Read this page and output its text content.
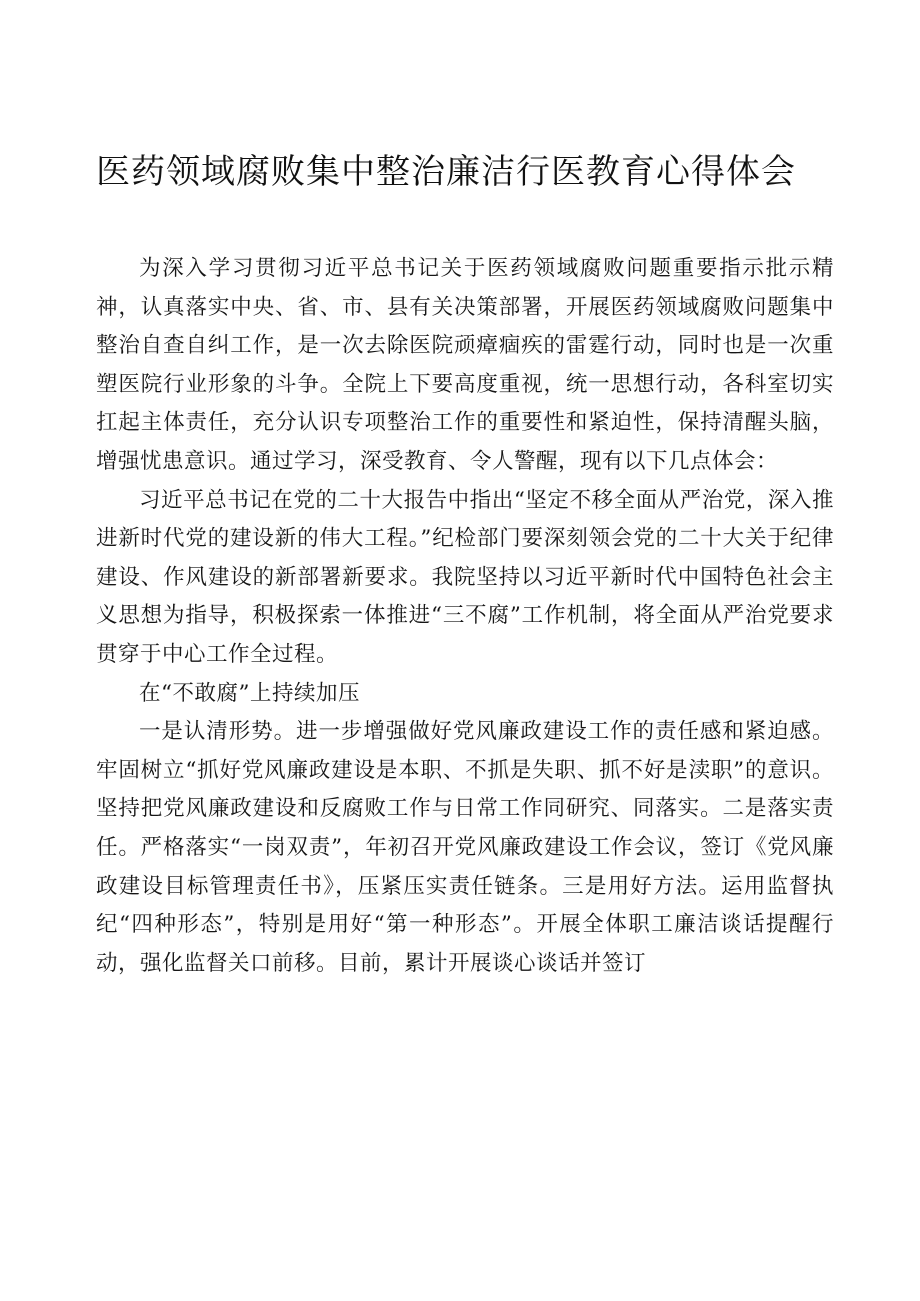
医药领域腐败集中整治廉洁行医教育心得体会

为深入学习贯彻习近平总书记关于医药领域腐败问题重要指示批示精神，认真落实中央、省、市、县有关决策部署，开展医药领域腐败问题集中整治自查自纠工作，是一次去除医院顽瘴痼疾的雷霆行动，同时也是一次重塑医院行业形象的斗争。全院上下要高度重视，统一思想行动，各科室切实扛起主体责任，充分认识专项整治工作的重要性和紧迫性，保持清醒头脑，增强忧患意识。通过学习，深受教育、令人警醒，现有以下几点体会：

习近平总书记在党的二十大报告中指出“坚定不移全面从严治党，深入推进新时代党的建设新的伟大工程。”纪检部门要深刻领会党的二十大关于纪律建设、作风建设的新部署新要求。我院坚持以习近平新时代中国特色社会主义思想为指导，积极探索一体推进“三不腐”工作机制，将全面从严治党要求贯穿于中心工作全过程。

在“不敢腐”上持续加压

一是认清形势。进一步增强做好党风廉政建设工作的责任感和紧迫感。牢固树立“抓好党风廉政建设是本职、不抓是失职、抓不好是渎职”的意识。坚持把党风廉政建设和反腐败工作与日常工作同研究、同落实。二是落实责任。严格落实“一岗双责”，年初召开党风廉政建设工作会议，签订《党风廉政建设目标管理责任书》，压紧压实责任链条。三是用好方法。运用监督执纪“四种形态”，特别是用好“第一种形态”。开展全体职工廉洁谈话提醒行动，强化监督关口前移。目前，累计开展谈心谈话并签订
